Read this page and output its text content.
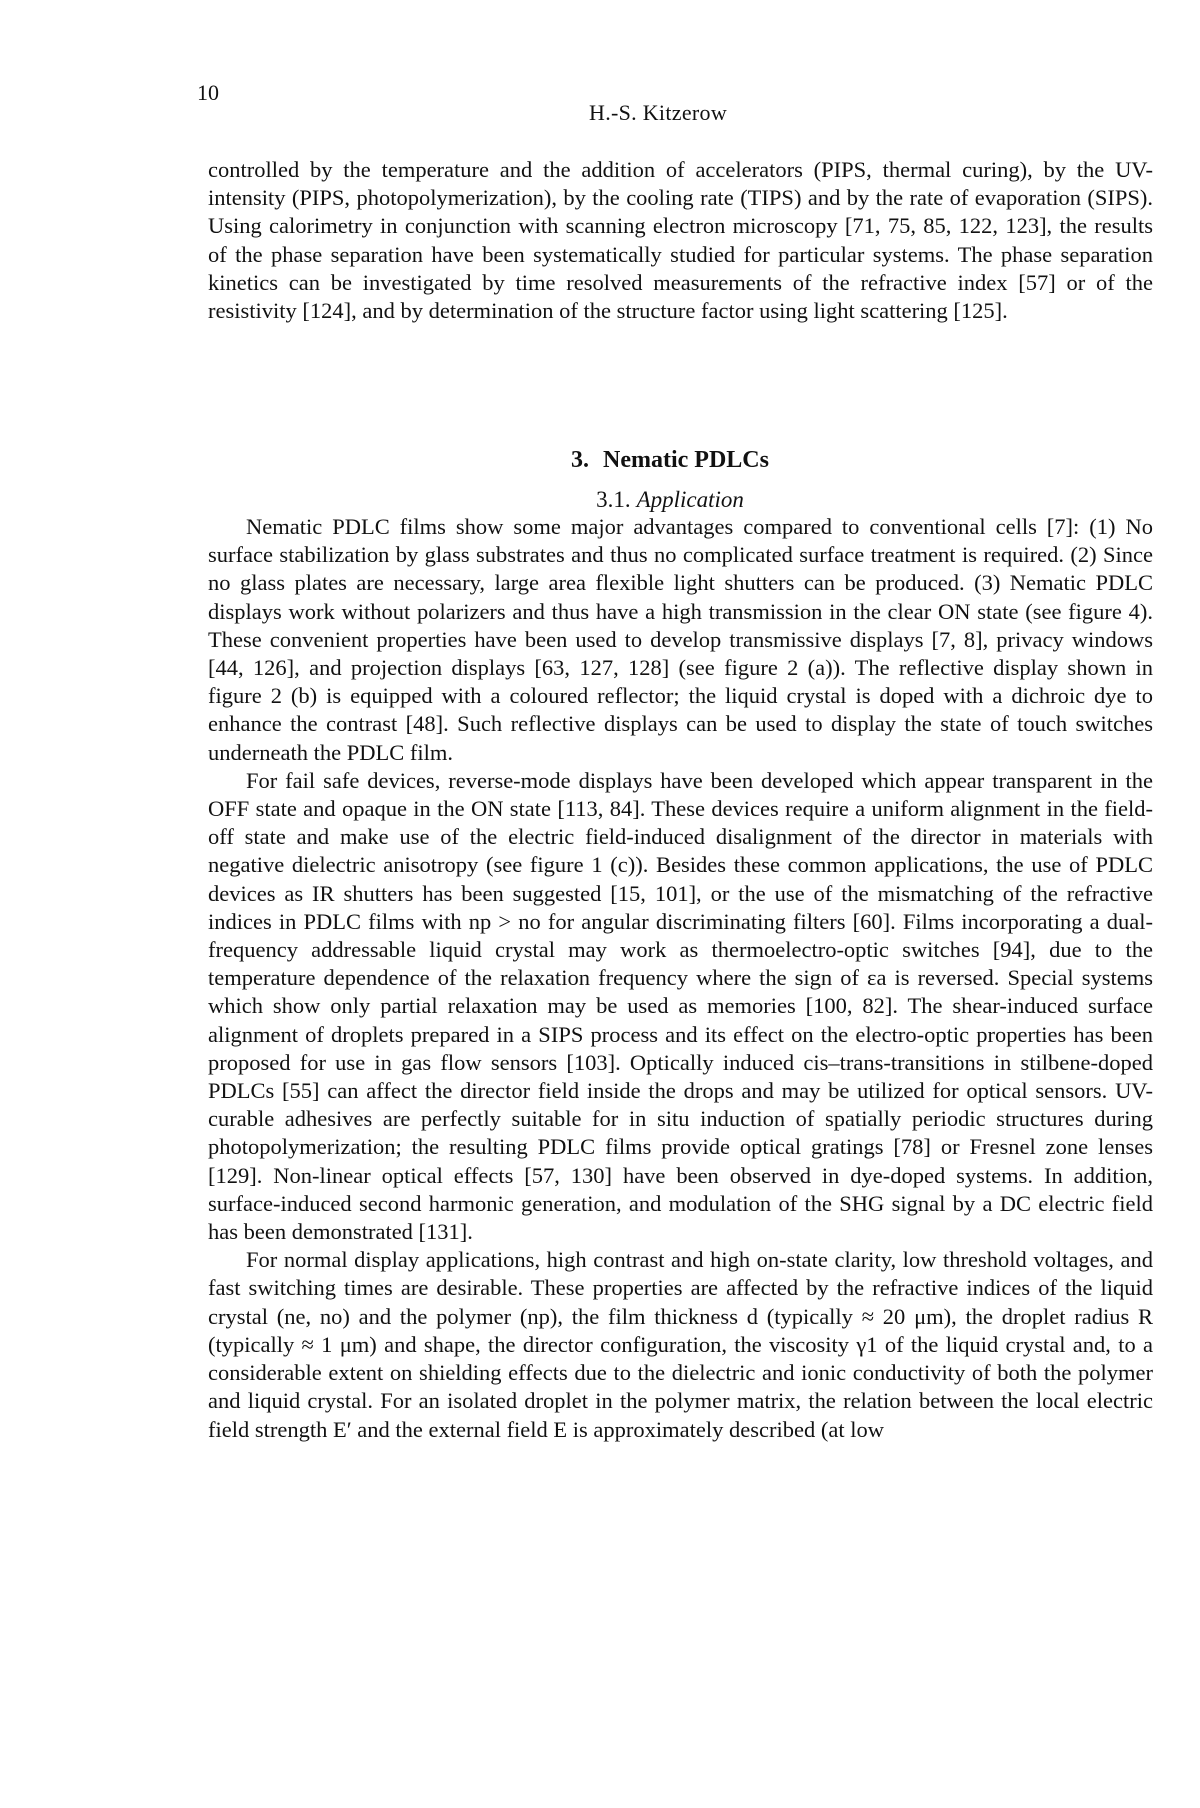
10
H.-S. Kitzerow

controlled by the temperature and the addition of accelerators (PIPS, thermal curing), by the UV-intensity (PIPS, photopolymerization), by the cooling rate (TIPS) and by the rate of evaporation (SIPS). Using calorimetry in conjunction with scanning electron microscopy [71, 75, 85, 122, 123], the results of the phase separation have been systematically studied for particular systems. The phase separation kinetics can be investigated by time resolved measurements of the refractive index [57] or of the resistivity [124], and by determination of the structure factor using light scattering [125].

3. Nematic PDLCs
3.1. Application

Nematic PDLC films show some major advantages compared to conventional cells [7]: (1) No surface stabilization by glass substrates and thus no complicated surface treatment is required. (2) Since no glass plates are necessary, large area flexible light shutters can be produced. (3) Nematic PDLC displays work without polarizers and thus have a high transmission in the clear ON state (see figure 4). These convenient properties have been used to develop transmissive displays [7, 8], privacy windows [44, 126], and projection displays [63, 127, 128] (see figure 2 (a)). The reflective display shown in figure 2 (b) is equipped with a coloured reflector; the liquid crystal is doped with a dichroic dye to enhance the contrast [48]. Such reflective displays can be used to display the state of touch switches underneath the PDLC film.

For fail safe devices, reverse-mode displays have been developed which appear transparent in the OFF state and opaque in the ON state [113, 84]. These devices require a uniform alignment in the field-off state and make use of the electric field-induced disalignment of the director in materials with negative dielectric anisotropy (see figure 1 (c)). Besides these common applications, the use of PDLC devices as IR shutters has been suggested [15, 101], or the use of the mismatching of the refractive indices in PDLC films with np > no for angular discriminating filters [60]. Films incorporating a dual-frequency addressable liquid crystal may work as thermoelectro-optic switches [94], due to the temperature dependence of the relaxation frequency where the sign of εa is reversed. Special systems which show only partial relaxation may be used as memories [100, 82]. The shear-induced surface alignment of droplets prepared in a SIPS process and its effect on the electro-optic properties has been proposed for use in gas flow sensors [103]. Optically induced cis–trans-transitions in stilbene-doped PDLCs [55] can affect the director field inside the drops and may be utilized for optical sensors. UV-curable adhesives are perfectly suitable for in situ induction of spatially periodic structures during photopolymerization; the resulting PDLC films provide optical gratings [78] or Fresnel zone lenses [129]. Non-linear optical effects [57, 130] have been observed in dye-doped systems. In addition, surface-induced second harmonic generation, and modulation of the SHG signal by a DC electric field has been demonstrated [131].

For normal display applications, high contrast and high on-state clarity, low threshold voltages, and fast switching times are desirable. These properties are affected by the refractive indices of the liquid crystal (ne, no) and the polymer (np), the film thickness d (typically ≈ 20 μm), the droplet radius R (typically ≈ 1 μm) and shape, the director configuration, the viscosity γ1 of the liquid crystal and, to a considerable extent on shielding effects due to the dielectric and ionic conductivity of both the polymer and liquid crystal. For an isolated droplet in the polymer matrix, the relation between the local electric field strength E′ and the external field E is approximately described (at low
